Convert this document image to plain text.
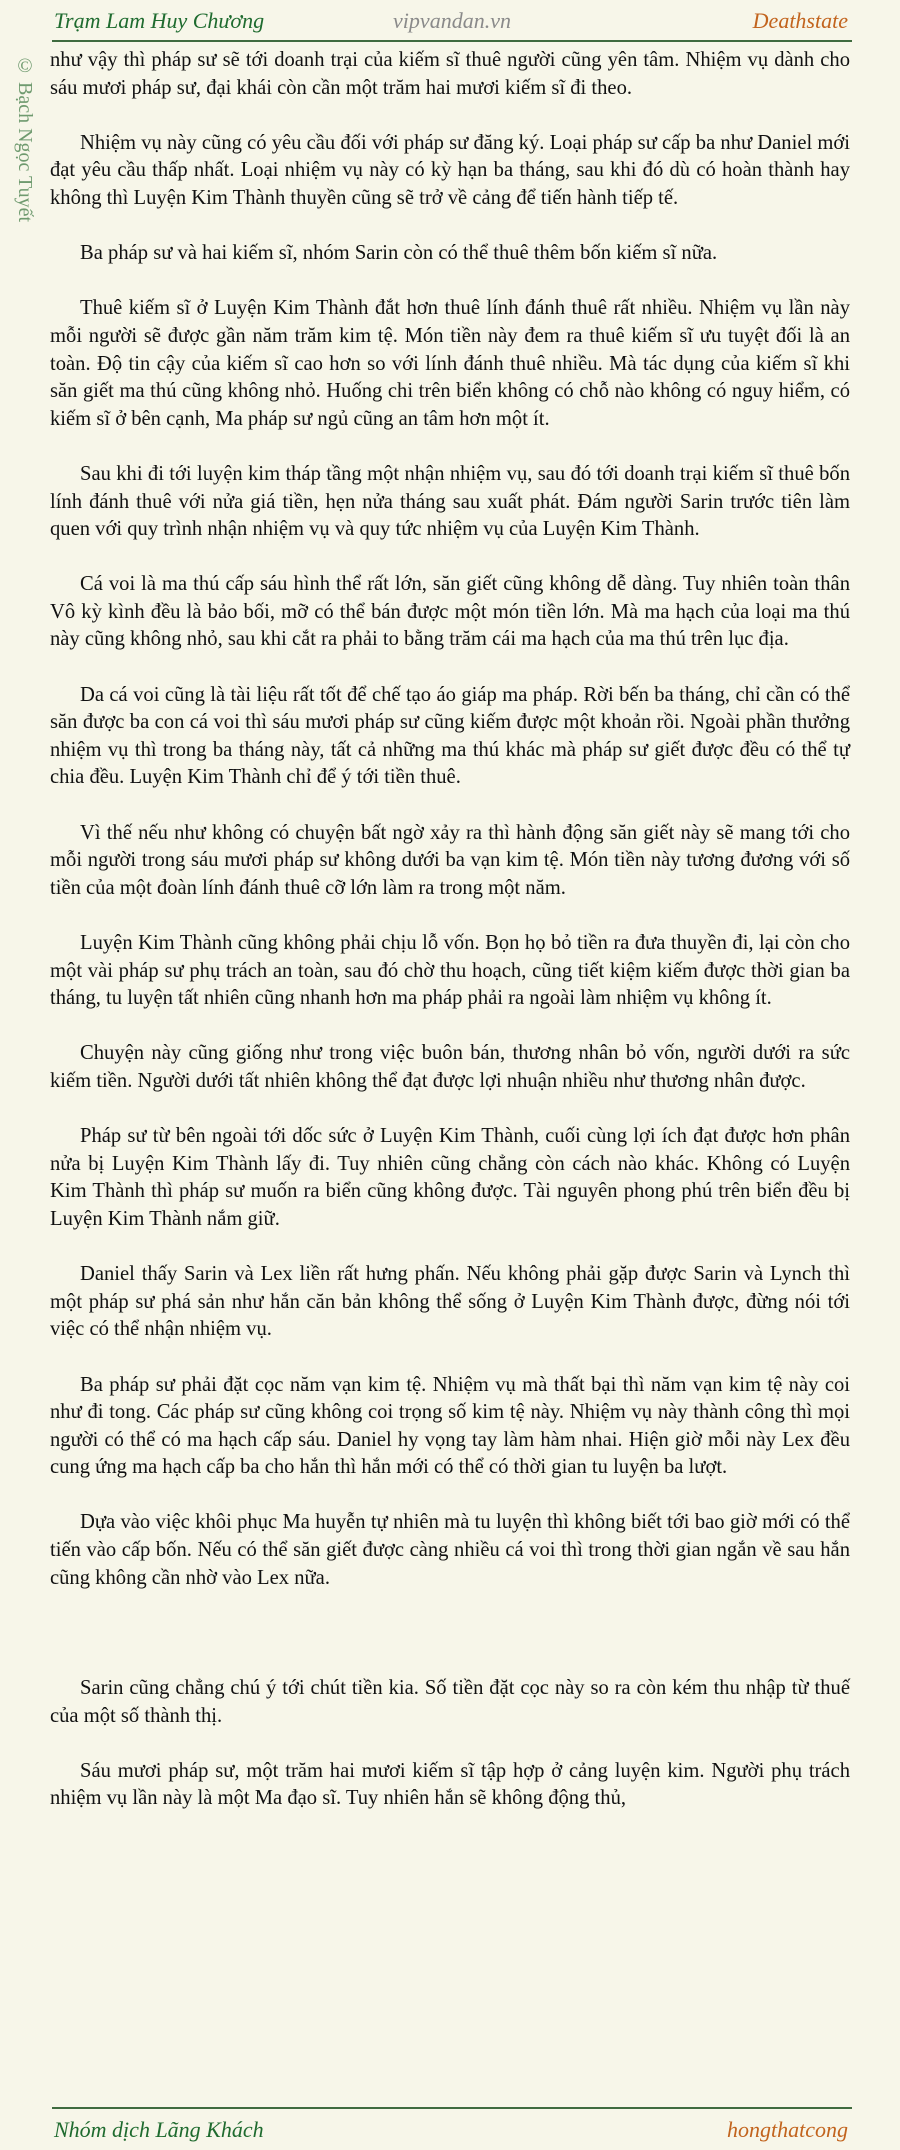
vipvandan.vn
Trạm Lam Huy Chương	Deathstate
© Bạch Ngọc Tuyết như vậy thì pháp sư sẽ tới doanh trại của kiếm sĩ thuê người cũng yên tâm. Nhiệm vụ dành cho sáu mươi pháp sư, đại khái còn cần một trăm hai mươi kiếm sĩ đi theo.

Nhiệm vụ này cũng có yêu cầu đối với pháp sư đăng ký. Loại pháp sư cấp ba như Daniel mới đạt yêu cầu thấp nhất. Loại nhiệm vụ này có kỳ hạn ba tháng, sau khi đó dù có hoàn thành hay không thì Luyện Kim Thành thuyền cũng sẽ trở về cảng để tiến hành tiếp tế.

Ba pháp sư và hai kiếm sĩ, nhóm Sarin còn có thể thuê thêm bốn kiếm sĩ nữa.

Thuê kiếm sĩ ở Luyện Kim Thành đắt hơn thuê lính đánh thuê rất nhiều. Nhiệm vụ lần này mỗi người sẽ được gần năm trăm kim tệ. Món tiền này đem ra thuê kiếm sĩ ưu tuyệt đối là an toàn. Độ tin cậy của kiếm sĩ cao hơn so với lính đánh thuê nhiều. Mà tác dụng của kiếm sĩ khi săn giết ma thú cũng không nhỏ. Huống chi trên biển không có chỗ nào không có nguy hiểm, có kiếm sĩ ở bên cạnh, Ma pháp sư ngủ cũng an tâm hơn một ít.

Sau khi đi tới luyện kim tháp tầng một nhận nhiệm vụ, sau đó tới doanh trại kiếm sĩ thuê bốn lính đánh thuê với nửa giá tiền, hẹn nửa tháng sau xuất phát. Đám người Sarin trước tiên làm quen với quy trình nhận nhiệm vụ và quy tức nhiệm vụ của Luyện Kim Thành.

Cá voi là ma thú cấp sáu hình thể rất lớn, săn giết cũng không dễ dàng. Tuy nhiên toàn thân Vô kỳ kình đều là bảo bối, mỡ có thể bán được một món tiền lớn. Mà ma hạch của loại ma thú này cũng không nhỏ, sau khi cắt ra phải to bằng trăm cái ma hạch của ma thú trên lục địa.

Da cá voi cũng là tài liệu rất tốt để chế tạo áo giáp ma pháp. Rời bến ba tháng, chỉ cần có thể săn được ba con cá voi thì sáu mươi pháp sư cũng kiếm được một khoản rồi. Ngoài phần thưởng nhiệm vụ thì trong ba tháng này, tất cả những ma thú khác mà pháp sư giết được đều có thể tự chia đều. Luyện Kim Thành chỉ để ý tới tiền thuê.

Vì thế nếu như không có chuyện bất ngờ xảy ra thì hành động săn giết này sẽ mang tới cho mỗi người trong sáu mươi pháp sư không dưới ba vạn kim tệ. Món tiền này tương đương với số tiền của một đoàn lính đánh thuê cỡ lớn làm ra trong một năm.

Luyện Kim Thành cũng không phải chịu lỗ vốn. Bọn họ bỏ tiền ra đưa thuyền đi, lại còn cho một vài pháp sư phụ trách an toàn, sau đó chờ thu hoạch, cũng tiết kiệm kiếm được thời gian ba tháng, tu luyện tất nhiên cũng nhanh hơn ma pháp phải ra ngoài làm nhiệm vụ không ít.

Chuyện này cũng giống như trong việc buôn bán, thương nhân bỏ vốn, người dưới ra sức kiếm tiền. Người dưới tất nhiên không thể đạt được lợi nhuận nhiều như thương nhân được.

Pháp sư từ bên ngoài tới dốc sức ở Luyện Kim Thành, cuối cùng lợi ích đạt được hơn phân nửa bị Luyện Kim Thành lấy đi. Tuy nhiên cũng chẳng còn cách nào khác. Không có Luyện Kim Thành thì pháp sư muốn ra biển cũng không được. Tài nguyên phong phú trên biển đều bị Luyện Kim Thành nắm giữ.

Daniel thấy Sarin và Lex liền rất hưng phấn. Nếu không phải gặp được Sarin và Lynch thì một pháp sư phá sản như hắn căn bản không thể sống ở Luyện Kim Thành được, đừng nói tới việc có thể nhận nhiệm vụ.

Ba pháp sư phải đặt cọc năm vạn kim tệ. Nhiệm vụ mà thất bại thì năm vạn kim tệ này coi như đi tong. Các pháp sư cũng không coi trọng số kim tệ này. Nhiệm vụ này thành công thì mọi người có thể có ma hạch cấp sáu. Daniel hy vọng tay làm hàm nhai. Hiện giờ mỗi này Lex đều cung ứng ma hạch cấp ba cho hắn thì hắn mới có thể có thời gian tu luyện ba lượt.

Dựa vào việc khôi phục Ma huyễn tự nhiên mà tu luyện thì không biết tới bao giờ mới có thể tiến vào cấp bốn. Nếu có thể săn giết được càng nhiều cá voi thì trong thời gian ngắn về sau hắn cũng không cần nhờ vào Lex nữa.

Sarin cũng chẳng chú ý tới chút tiền kia. Số tiền đặt cọc này so ra còn kém thu nhập từ thuế của một số thành thị.

Sáu mươi pháp sư, một trăm hai mươi kiếm sĩ tập hợp ở cảng luyện kim. Người phụ trách nhiệm vụ lần này là một Ma đạo sĩ. Tuy nhiên hắn sẽ không động thủ,

Nhóm dịch Lãng Khách	hongthatcong
